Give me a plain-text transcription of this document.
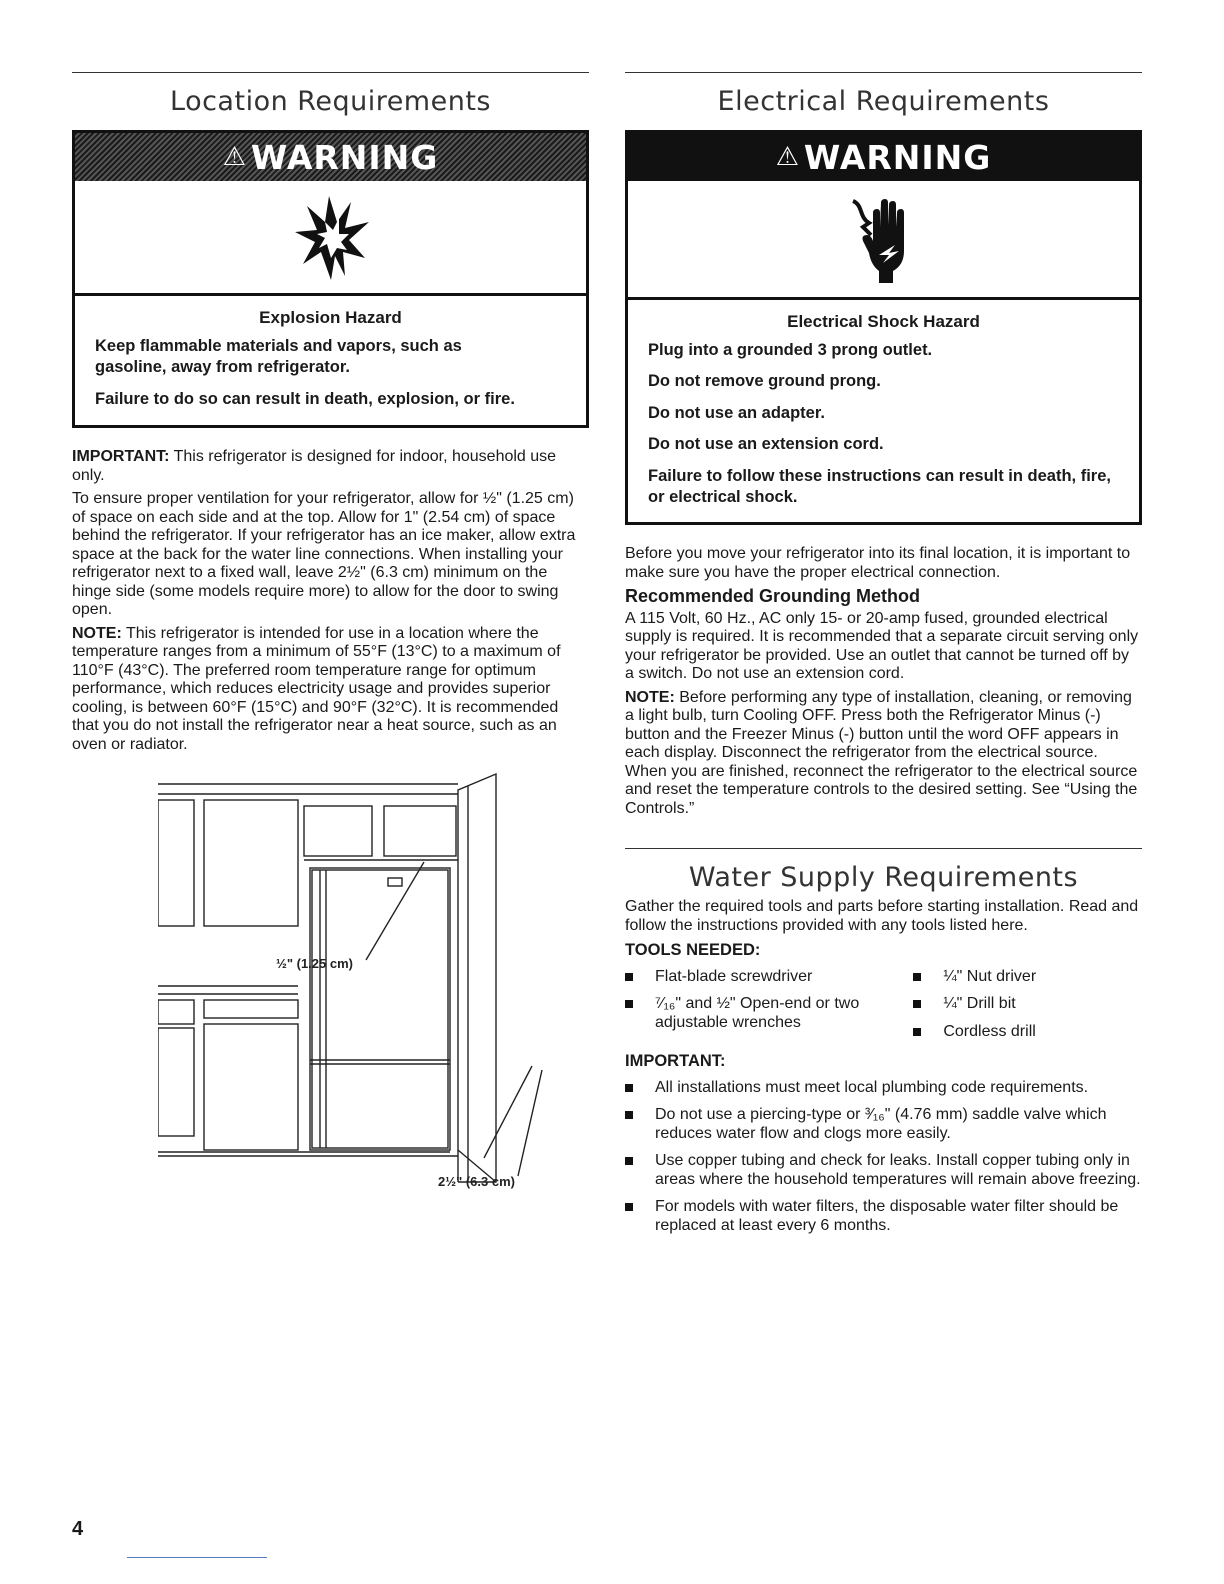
Location Requirements
⚠ WARNING
Explosion Hazard
Keep flammable materials and vapors, such as gasoline, away from refrigerator.
Failure to do so can result in death, explosion, or fire.

IMPORTANT: This refrigerator is designed for indoor, household use only.

To ensure proper ventilation for your refrigerator, allow for ½" (1.25 cm) of space on each side and at the top. Allow for 1" (2.54 cm) of space behind the refrigerator. If your refrigerator has an ice maker, allow extra space at the back for the water line connections. When installing your refrigerator next to a fixed wall, leave 2½" (6.3 cm) minimum on the hinge side (some models require more) to allow for the door to swing open.

NOTE: This refrigerator is intended for use in a location where the temperature ranges from a minimum of 55°F (13°C) to a maximum of 110°F (43°C). The preferred room temperature range for optimum performance, which reduces electricity usage and provides superior cooling, is between 60°F (15°C) and 90°F (32°C). It is recommended that you do not install the refrigerator near a heat source, such as an oven or radiator.

½" (1.25 cm)
2½" (6.3 cm)
Electrical Requirements
⚠ WARNING
Electrical Shock Hazard
Plug into a grounded 3 prong outlet.
Do not remove ground prong.
Do not use an adapter.
Do not use an extension cord.
Failure to follow these instructions can result in death, fire, or electrical shock.

Before you move your refrigerator into its final location, it is important to make sure you have the proper electrical connection.

Recommended Grounding Method

A 115 Volt, 60 Hz., AC only 15- or 20-amp fused, grounded electrical supply is required. It is recommended that a separate circuit serving only your refrigerator be provided. Use an outlet that cannot be turned off by a switch. Do not use an extension cord.

NOTE: Before performing any type of installation, cleaning, or removing a light bulb, turn Cooling OFF. Press both the Refrigerator Minus (-) button and the Freezer Minus (-) button until the word OFF appears in each display. Disconnect the refrigerator from the electrical source. When you are finished, reconnect the refrigerator to the electrical source and reset the temperature controls to the desired setting. See “Using the Controls.”

Water Supply Requirements

Gather the required tools and parts before starting installation. Read and follow the instructions provided with any tools listed here.

TOOLS NEEDED:
Flat-blade screwdriver
⁷⁄₁₆" and ½" Open-end or two adjustable wrenches
¼" Nut driver
¼" Drill bit
Cordless drill
IMPORTANT:
All installations must meet local plumbing code requirements.
Do not use a piercing-type or ³⁄₁₆" (4.76 mm) saddle valve which reduces water flow and clogs more easily.
Use copper tubing and check for leaks. Install copper tubing only in areas where the household temperatures will remain above freezing.
For models with water filters, the disposable water filter should be replaced at least every 6 months.
4
